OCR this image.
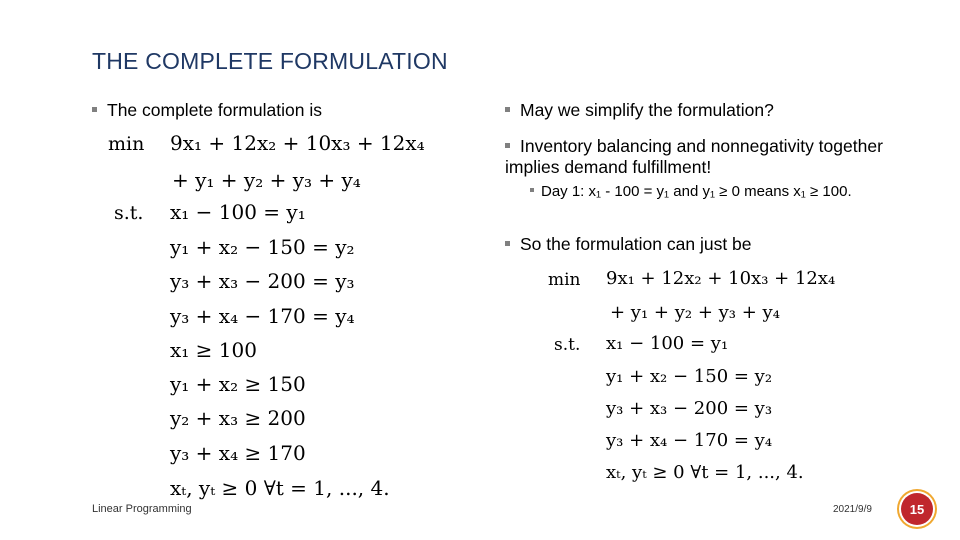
THE COMPLETE FORMULATION
The complete formulation is
min 9x₁ + 12x₂ + 10x₃ + 12x₄
+ y₁ + y₂ + y₃ + y₄
s.t. x₁ − 100 = y₁
y₁ + x₂ − 150 = y₂
y₃ + x₃ − 200 = y₃
y₃ + x₄ − 170 = y₄
x₁ ≥ 100
y₁ + x₂ ≥ 150
y₂ + x₃ ≥ 200
y₃ + x₄ ≥ 170
xₜ, yₜ ≥ 0 ∀t = 1, ..., 4.
May we simplify the formulation?
Inventory balancing and nonnegativity together implies demand fulfillment!
Day 1: x₁ - 100 = y₁ and y₁ ≥ 0 means x₁ ≥ 100.
So the formulation can just be
min 9x₁ + 12x₂ + 10x₃ + 12x₄
+ y₁ + y₂ + y₃ + y₄
s.t. x₁ − 100 = y₁
y₁ + x₂ − 150 = y₂
y₃ + x₃ − 200 = y₃
y₃ + x₄ − 170 = y₄
xₜ, yₜ ≥ 0 ∀t = 1, ..., 4.
Linear Programming	2021/9/9	15
